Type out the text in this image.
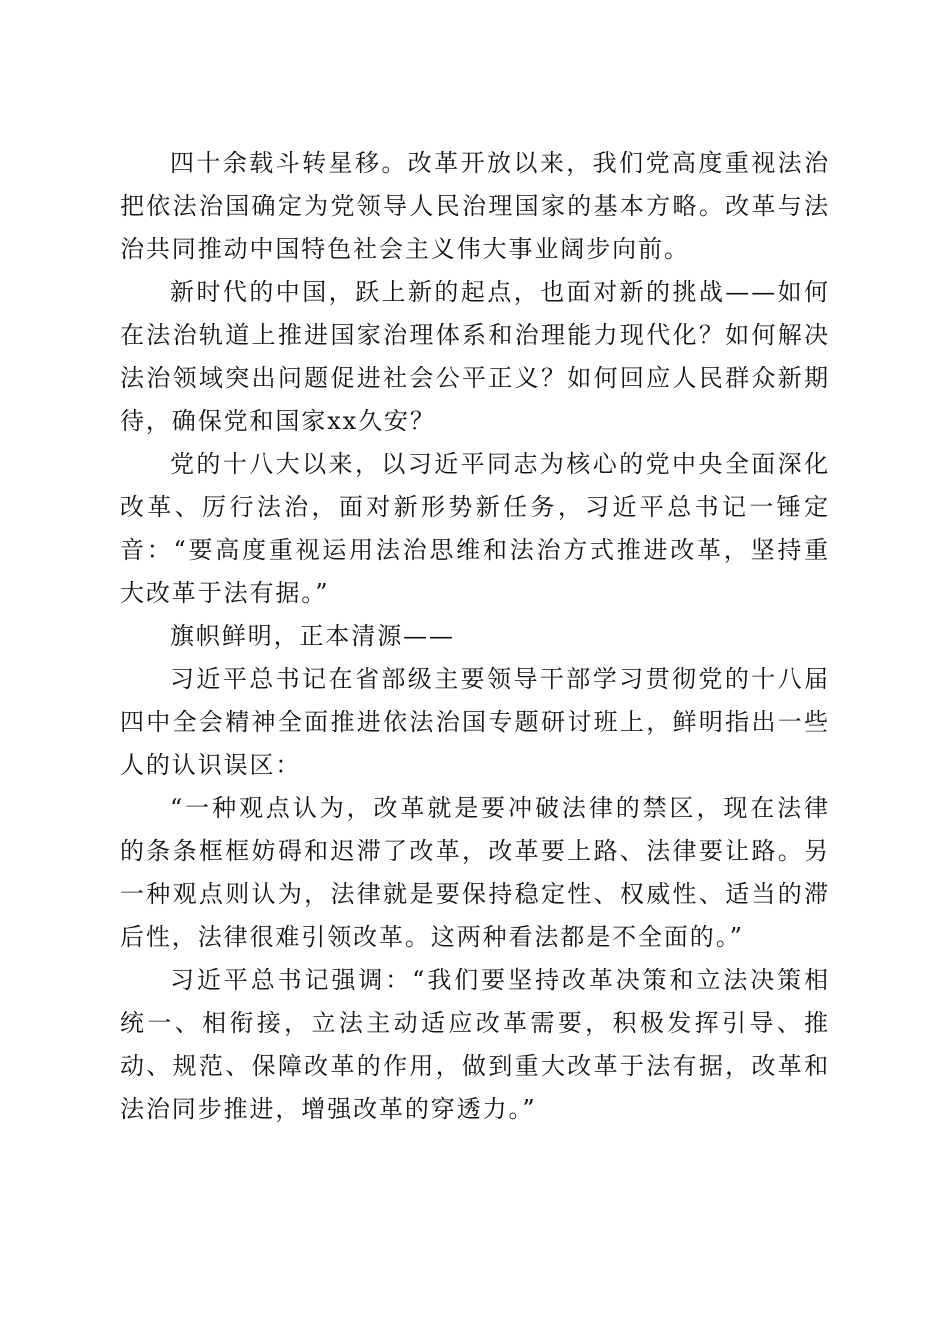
四十余载斗转星移。改革开放以来，我们党高度重视法治把依法治国确定为党领导人民治理国家的基本方略。改革与法治共同推动中国特色社会主义伟大事业阔步向前。

新时代的中国，跃上新的起点，也面对新的挑战——如何在法治轨道上推进国家治理体系和治理能力现代化？如何解决法治领域突出问题促进社会公平正义？如何回应人民群众新期待，确保党和国家xx久安？

党的十八大以来，以习近平同志为核心的党中央全面深化改革、厉行法治，面对新形势新任务，习近平总书记一锤定音：“要高度重视运用法治思维和法治方式推进改革，坚持重大改革于法有据。”

旗帜鲜明，正本清源——

习近平总书记在省部级主要领导干部学习贯彻党的十八届四中全会精神全面推进依法治国专题研讨班上，鲜明指出一些人的认识误区：

“一种观点认为，改革就是要冲破法律的禁区，现在法律的条条框框妨碍和迟滞了改革，改革要上路、法律要让路。另一种观点则认为，法律就是要保持稳定性、权威性、适当的滞后性，法律很难引领改革。这两种看法都是不全面的。”

习近平总书记强调：“我们要坚持改革决策和立法决策相统一、相衔接，立法主动适应改革需要，积极发挥引导、推动、规范、保障改革的作用，做到重大改革于法有据，改革和法治同步推进，增强改革的穿透力。”
